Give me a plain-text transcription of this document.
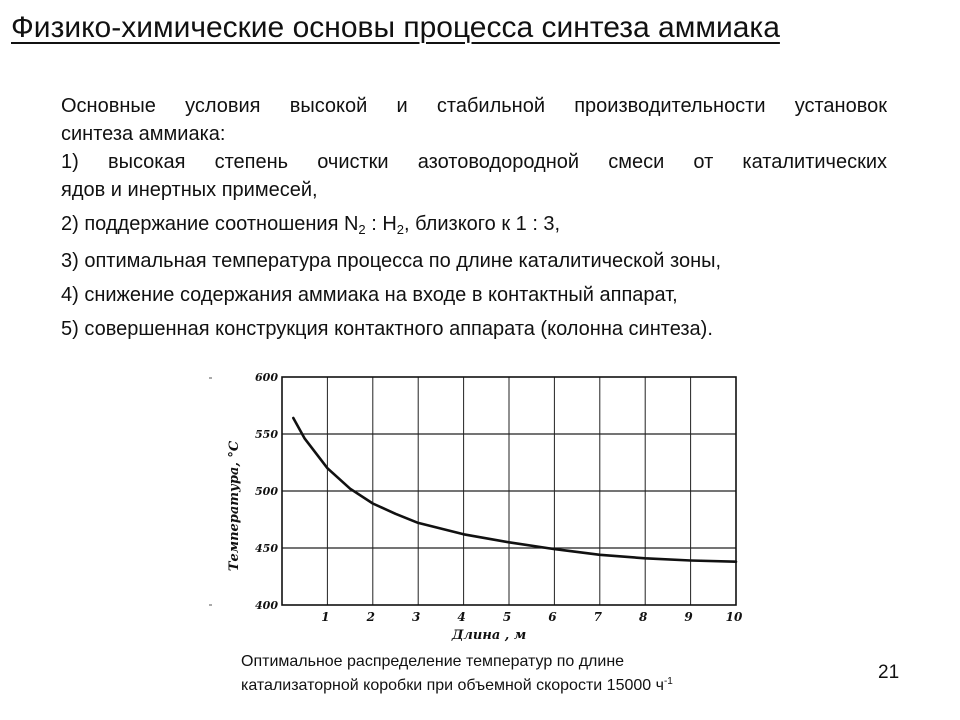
Физико-химические основы процесса синтеза аммиака

Основные условия высокой и стабильной производительности установок

синтеза аммиака:

1) высокая степень очистки азотоводородной смеси от каталитических

ядов и инертных примесей,

2) поддержание соотношения $N_2$ : $H_2$, близкого к 1 : 3,

3) оптимальная температура процесса по длине каталитической зоны,

4) снижение содержания аммиака на входе в контактный аппарат,

5) совершенная конструкция контактного аппарата (колонна синтеза).

400
450
500
550
600
1	2	3	4	5	6	7	8	9	10
Длина , м
Температура, °С
Оптимальное распределение температур по длине
катализаторной коробки при объемной скорости 15000 $ч^{-1}$	21
